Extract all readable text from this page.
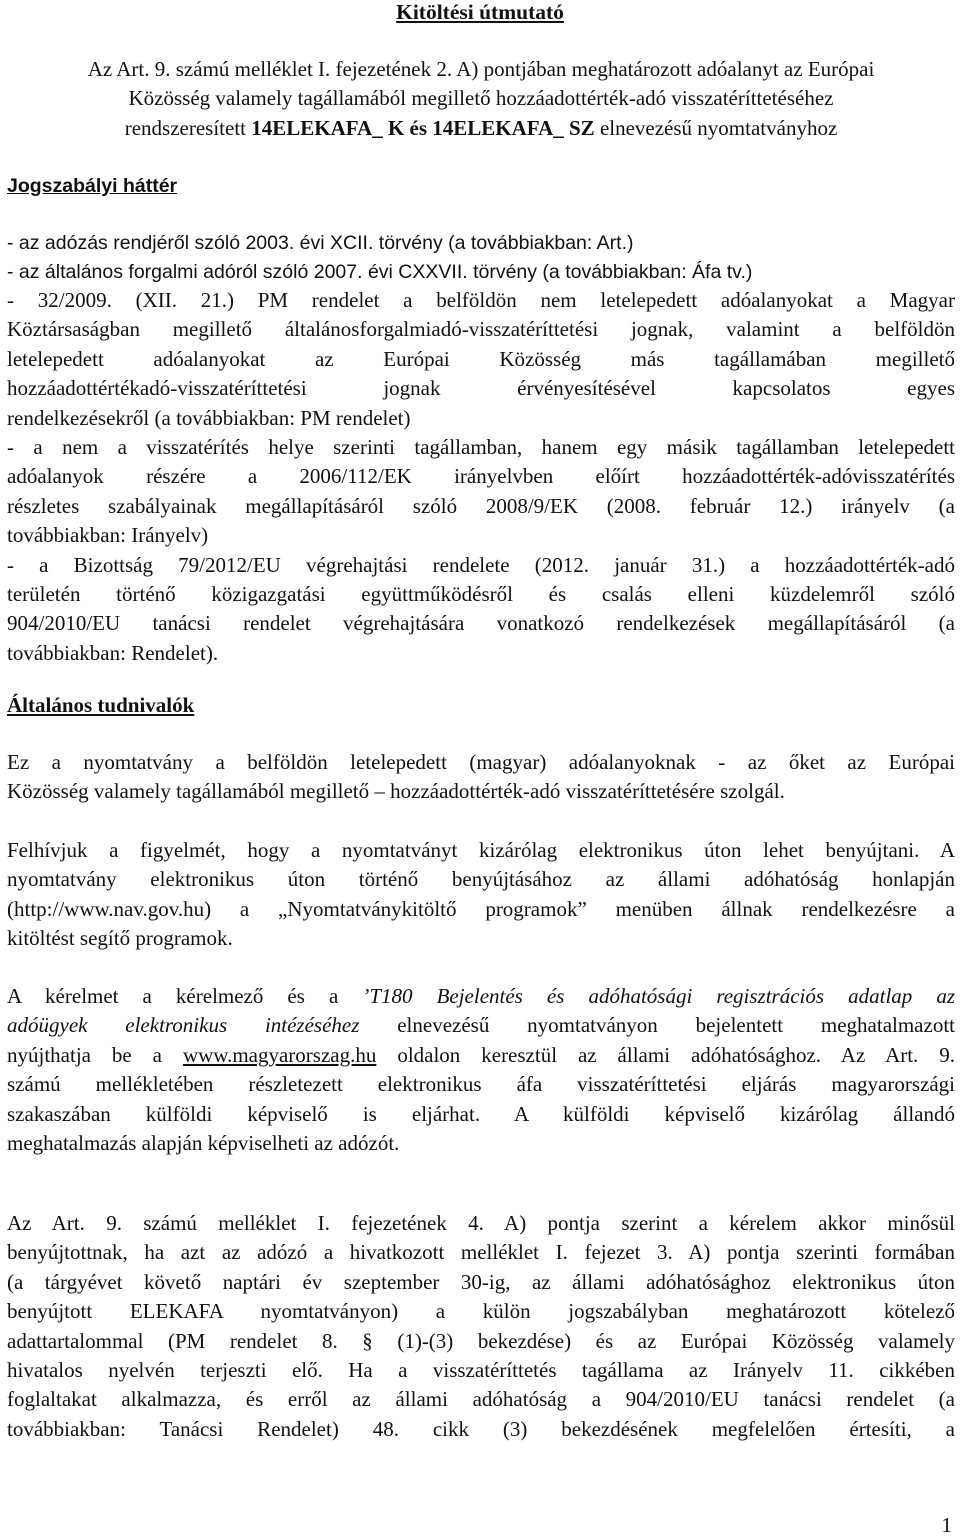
Kitöltési útmutató
Az Art. 9. számú melléklet I. fejezetének 2. A) pontjában meghatározott adóalanyt az Európai
Közösség valamely tagállamából megillető hozzáadottérték-adó visszatéríttetéséhez
rendszeresített 14ELEKAFA_ K és 14ELEKAFA_ SZ elnevezésű nyomtatványhoz
Jogszabályi háttér
- az adózás rendjéről szóló 2003. évi XCII. törvény (a továbbiakban: Art.)
- az általános forgalmi adóról szóló 2007. évi CXXVII. törvény (a továbbiakban: Áfa tv.)
- 32/2009. (XII. 21.) PM rendelet a belföldön nem letelepedett adóalanyokat a Magyar
Köztársaságban megillető általánosforgalmiadó-visszatéríttetési jognak, valamint a belföldön
letelepedett adóalanyokat az Európai Közösség más tagállamában megillető
hozzáadottértékadó-visszatéríttetési jognak érvényesítésével kapcsolatos egyes
rendelkezésekről (a továbbiakban: PM rendelet)
- a nem a visszatérítés helye szerinti tagállamban, hanem egy másik tagállamban letelepedett
adóalanyok részére a 2006/112/EK irányelvben előírt hozzáadottérték-adóvisszatérítés
részletes szabályainak megállapításáról szóló 2008/9/EK (2008. február 12.) irányelv (a
továbbiakban: Irányelv)
- a Bizottság 79/2012/EU végrehajtási rendelete (2012. január 31.) a hozzáadottérték-adó
területén történő közigazgatási együttműködésről és csalás elleni küzdelemről szóló
904/2010/EU tanácsi rendelet végrehajtására vonatkozó rendelkezések megállapításáról (a
továbbiakban: Rendelet).
Általános tudnivalók
Ez a nyomtatvány a belföldön letelepedett (magyar) adóalanyoknak - az őket az Európai
Közösség valamely tagállamából megillető – hozzáadottérték-adó visszatéríttetésére szolgál.
Felhívjuk a figyelmét, hogy a nyomtatványt kizárólag elektronikus úton lehet benyújtani. A
nyomtatvány elektronikus úton történő benyújtásához az állami adóhatóság honlapján
(http://www.nav.gov.hu) a „Nyomtatványkitöltő programok” menüben állnak rendelkezésre a
kitöltést segítő programok.
A kérelmet a kérelmező és a ’T180 Bejelentés és adóhatósági regisztrációs adatlap az
adóügyek elektronikus intézéséhez elnevezésű nyomtatványon bejelentett meghatalmazott
nyújthatja be a www.magyarorszag.hu oldalon keresztül az állami adóhatósághoz. Az Art. 9.
számú mellékletében részletezett elektronikus áfa visszatéríttetési eljárás magyarországi
szakaszában külföldi képviselő is eljárhat. A külföldi képviselő kizárólag állandó
meghatalmazás alapján képviselheti az adózót.
Az Art. 9. számú melléklet I. fejezetének 4. A) pontja szerint a kérelem akkor minősül
benyújtottnak, ha azt az adózó a hivatkozott melléklet I. fejezet 3. A) pontja szerinti formában
(a tárgyévet követő naptári év szeptember 30-ig, az állami adóhatósághoz elektronikus úton
benyújtott ELEKAFA nyomtatványon) a külön jogszabályban meghatározott kötelező
adattartalommal (PM rendelet 8. § (1)-(3) bekezdése) és az Európai Közösség valamely
hivatalos nyelvén terjeszti elő. Ha a visszatéríttetés tagállama az Irányelv 11. cikkében
foglaltakat alkalmazza, és erről az állami adóhatóság a 904/2010/EU tanácsi rendelet (a
továbbiakban: Tanácsi Rendelet) 48. cikk (3) bekezdésének megfelelően értesíti, a
1
